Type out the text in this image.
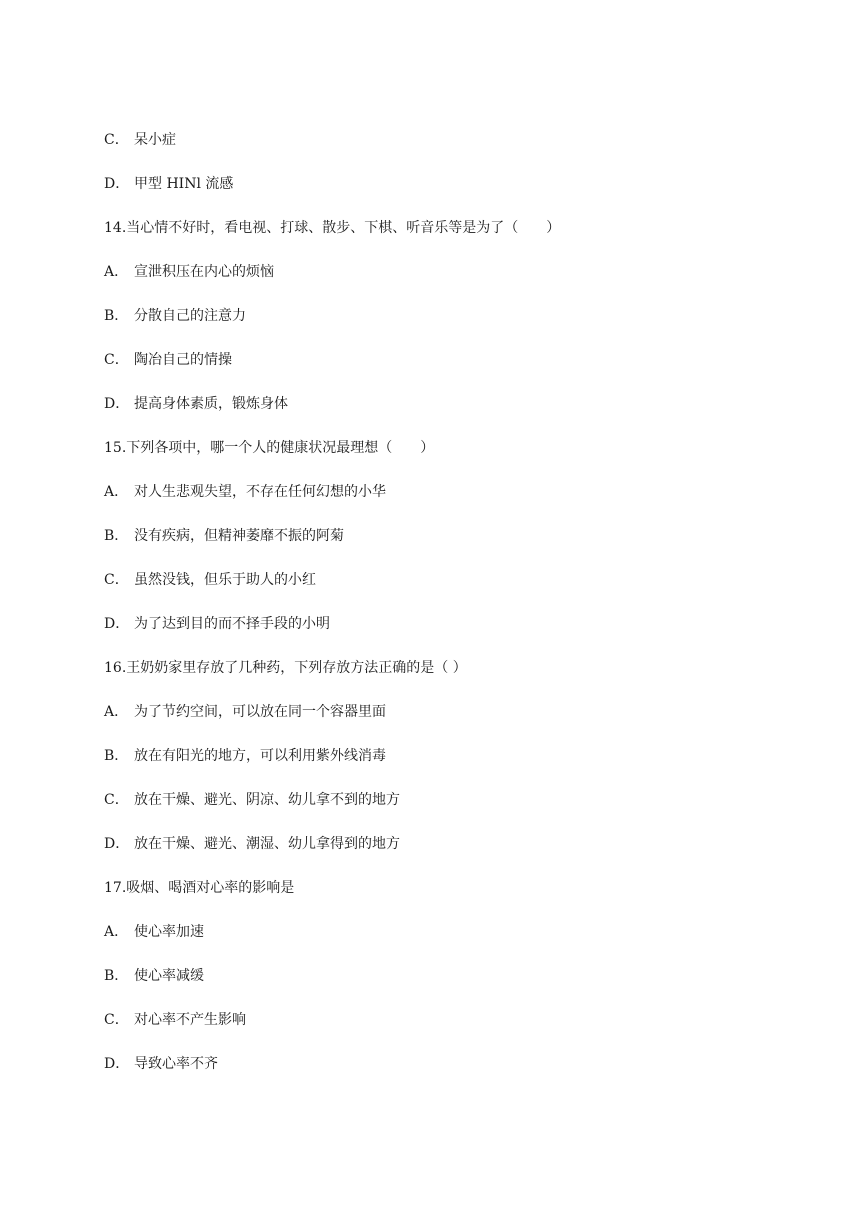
C． 呆小症
D． 甲型 HINl 流感
14.当心情不好时，看电视、打球、散步、下棋、听音乐等是为了（　　）
A． 宣泄积压在内心的烦恼
B． 分散自己的注意力
C． 陶冶自己的情操
D． 提高身体素质，锻炼身体
15.下列各项中，哪一个人的健康状况最理想（　　）
A． 对人生悲观失望，不存在任何幻想的小华
B． 没有疾病，但精神萎靡不振的阿菊
C． 虽然没钱，但乐于助人的小红
D． 为了达到目的而不择手段的小明
16.王奶奶家里存放了几种药，下列存放方法正确的是（ ）
A． 为了节约空间，可以放在同一个容器里面
B． 放在有阳光的地方，可以利用紫外线消毒
C． 放在干燥、避光、阴凉、幼儿拿不到的地方
D． 放在干燥、避光、潮湿、幼儿拿得到的地方
17.吸烟、喝酒对心率的影响是
A． 使心率加速
B． 使心率减缓
C． 对心率不产生影响
D． 导致心率不齐
